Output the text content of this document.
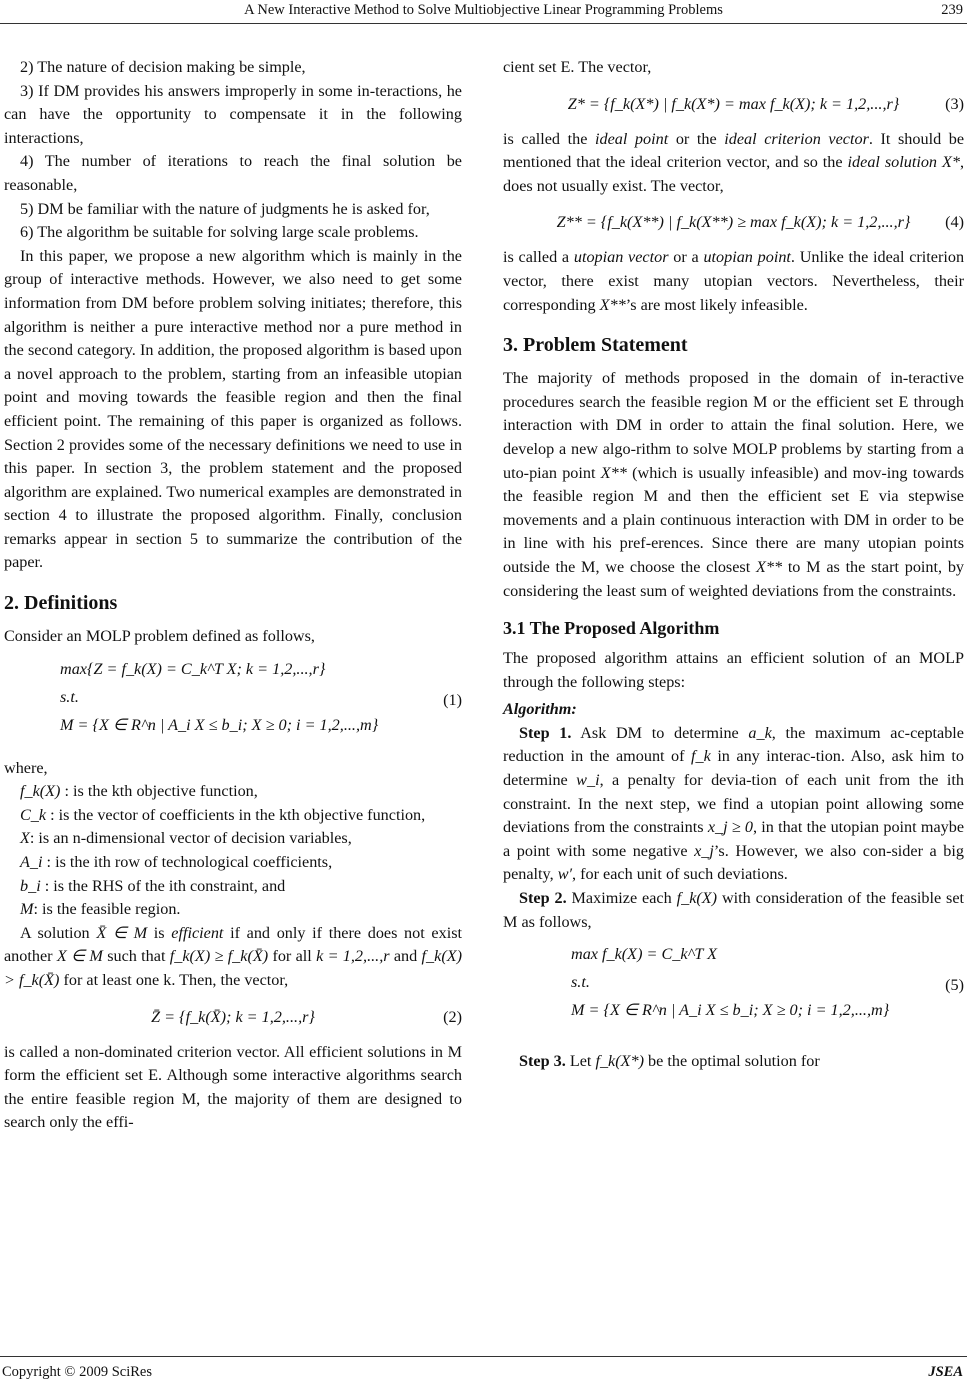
A New Interactive Method to Solve Multiobjective Linear Programming Problems	239

2) The nature of decision making be simple,

3) If DM provides his answers improperly in some in-teractions, he can have the opportunity to compensate it in the following interactions,

4) The number of iterations to reach the final solution be reasonable,

5) DM be familiar with the nature of judgments he is asked for,

6) The algorithm be suitable for solving large scale problems.

In this paper, we propose a new algorithm which is mainly in the group of interactive methods. However, we also need to get some information from DM before problem solving initiates; therefore, this algorithm is neither a pure interactive method nor a pure method in the second category. In addition, the proposed algorithm is based upon a novel approach to the problem, starting from an infeasible utopian point and moving towards the feasible region and then the final efficient point. The remaining of this paper is organized as follows. Section 2 provides some of the necessary definitions we need to use in this paper. In section 3, the problem statement and the proposed algorithm are explained. Two numerical examples are demonstrated in section 4 to illustrate the proposed algorithm. Finally, conclusion remarks appear in section 5 to summarize the contribution of the paper.

2. Definitions

Consider an MOLP problem defined as follows,

max{Z = f_k(X) = C_k^T X; k = 1,2,...,r}
s.t.
M = {X ∈ R^n | A_i X ≤ b_i; X ≥ 0; i = 1,2,...,m}
(1)

where,

f_k(X) : is the kth objective function,

C_k : is the vector of coefficients in the kth objective function,

X: is an n-dimensional vector of decision variables,

A_i : is the ith row of technological coefficients,

b_i : is the RHS of the ith constraint, and

M: is the feasible region.

A solution X̄ ∈ M is efficient if and only if there does not exist another X ∈ M such that f_k(X) ≥ f_k(X̄) for all k = 1,2,...,r and f_k(X) > f_k(X̄) for at least one k. Then, the vector,

Z̄ = {f_k(X̄); k = 1,2,...,r}	(2)

is called a non-dominated criterion vector. All efficient solutions in M form the efficient set E. Although some interactive algorithms search the entire feasible region M, the majority of them are designed to search only the effi-

cient set E. The vector,

Z* = {f_k(X*) | f_k(X*) = max f_k(X); k = 1,2,...,r}	(3)

is called the ideal point or the ideal criterion vector. It should be mentioned that the ideal criterion vector, and so the ideal solution X*, does not usually exist. The vector,

Z** = {f_k(X**) | f_k(X**) ≥ max f_k(X); k = 1,2,...,r} (4)

is called a utopian vector or a utopian point. Unlike the ideal criterion vector, there exist many utopian vectors. Nevertheless, their corresponding X**’s are most likely infeasible.

3. Problem Statement

The majority of methods proposed in the domain of in-teractive procedures search the feasible region M or the efficient set E through interaction with DM in order to attain the final solution. Here, we develop a new algo-rithm to solve MOLP problems by starting from a uto-pian point X** (which is usually infeasible) and mov-ing towards the feasible region M and then the efficient set E via stepwise movements and a plain continuous interaction with DM in order to be in line with his pref-erences. Since there are many utopian points outside the M, we choose the closest X** to M as the start point, by considering the least sum of weighted deviations from the constraints.

3.1 The Proposed Algorithm

The proposed algorithm attains an efficient solution of an MOLP through the following steps:

Algorithm:

Step 1. Ask DM to determine a_k, the maximum ac-ceptable reduction in the amount of f_k in any interac-tion. Also, ask him to determine w_i, a penalty for devia-tion of each unit from the ith constraint. In the next step, we find a utopian point allowing some deviations from the constraints x_j ≥ 0, in that the utopian point maybe a point with some negative x_j’s. However, we also con-sider a big penalty, w′, for each unit of such deviations.

Step 2. Maximize each f_k(X) with consideration of the feasible set M as follows,

max f_k(X) = C_k^T X
s.t.
M = {X ∈ R^n | A_i X ≤ b_i; X ≥ 0; i = 1,2,...,m}
(5)

Step 3. Let f_k(X*) be the optimal solution for

Copyright © 2009 SciRes	JSEA
